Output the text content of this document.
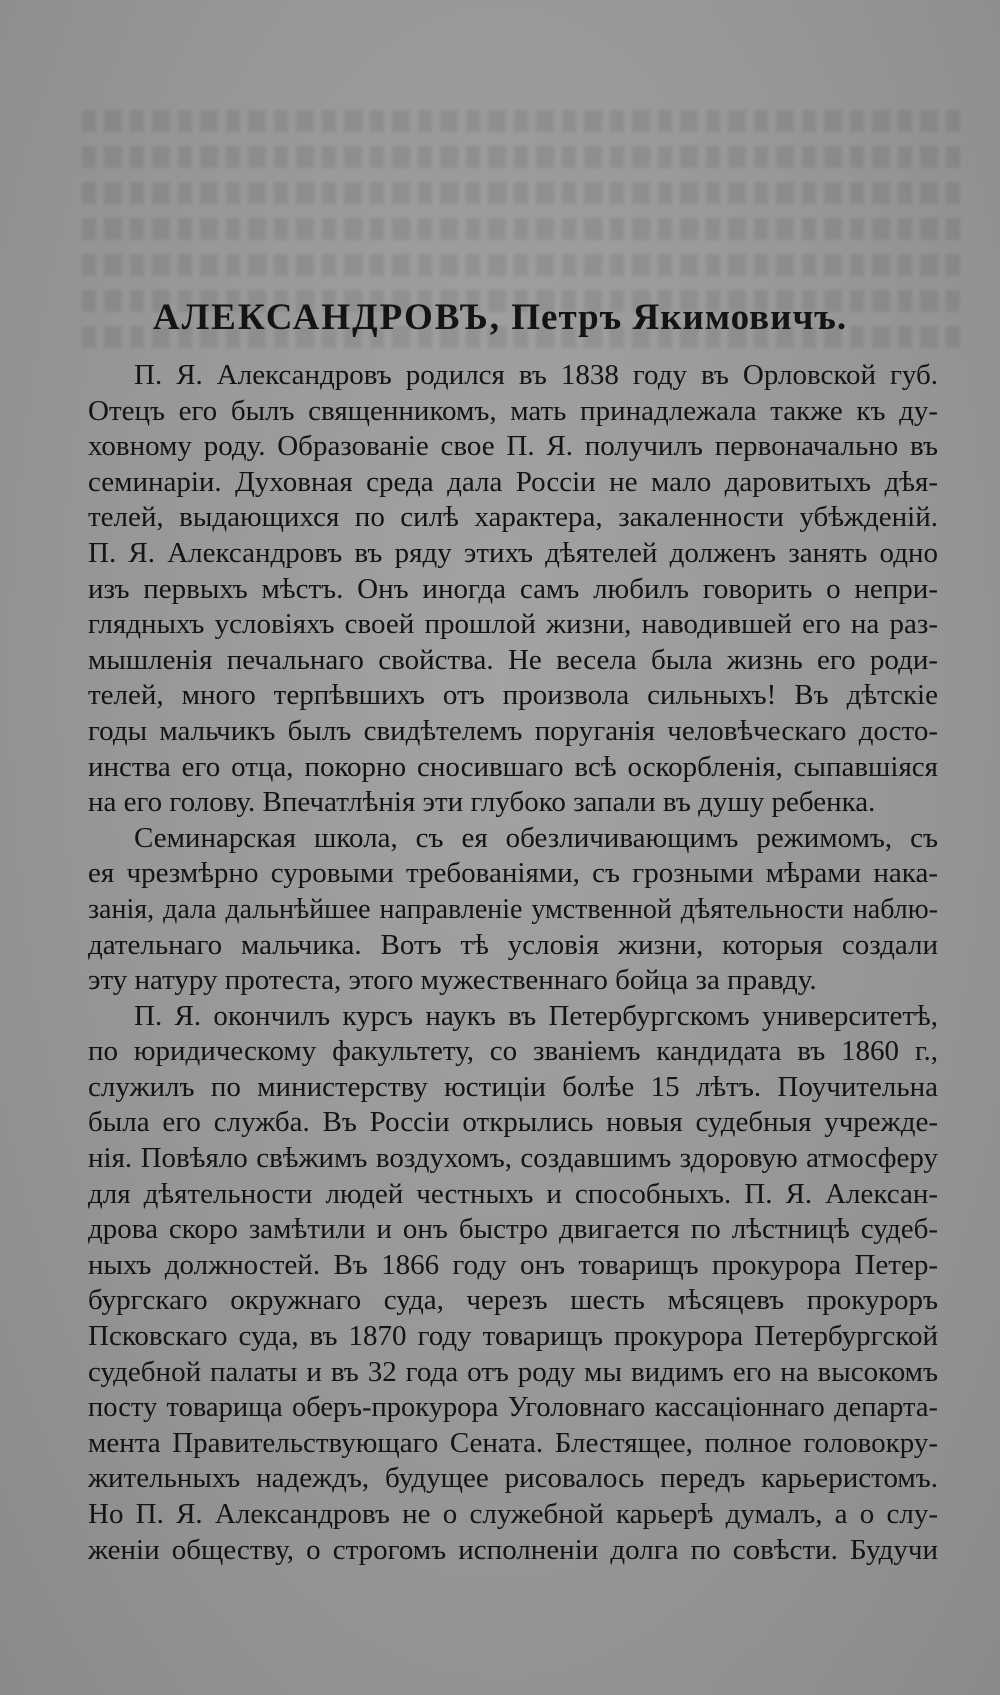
АЛЕКСАНДРОВЪ, Петръ Якимовичъ.
П. Я. Александровъ родился въ 1838 году въ Орловской губ.
Отецъ его былъ священникомъ, мать принадлежала также къ ду-
ховному роду. Образованіе свое П. Я. получилъ первоначально въ
семинаріи. Духовная среда дала Россіи не мало даровитыхъ дѣя-
телей, выдающихся по силѣ характера, закаленности убѣжденій.
П. Я. Александровъ въ ряду этихъ дѣятелей долженъ занять одно
изъ первыхъ мѣстъ. Онъ иногда самъ любилъ говорить о непри-
глядныхъ условіяхъ своей прошлой жизни, наводившей его на раз-
мышленія печальнаго свойства. Не весела была жизнь его роди-
телей, много терпѣвшихъ отъ произвола сильныхъ! Въ дѣтскіе
годы мальчикъ былъ свидѣтелемъ поруганія человѣческаго досто-
инства его отца, покорно сносившаго всѣ оскорбленія, сыпавшіяся
на его голову. Впечатлѣнія эти глубоко запали въ душу ребенка.
Семинарская школа, съ ея обезличивающимъ режимомъ, съ
ея чрезмѣрно суровыми требованіями, съ грозными мѣрами нака-
занія, дала дальнѣйшее направленіе умственной дѣятельности наблю-
дательнаго мальчика. Вотъ тѣ условія жизни, которыя создали
эту натуру протеста, этого мужественнаго бойца за правду.
П. Я. окончилъ курсъ наукъ въ Петербургскомъ университетѣ,
по юридическому факультету, со званіемъ кандидата въ 1860 г.,
служилъ по министерству юстиціи болѣе 15 лѣтъ. Поучительна
была его служба. Въ Россіи открылись новыя судебныя учрежде-
нія. Повѣяло свѣжимъ воздухомъ, создавшимъ здоровую атмосферу
для дѣятельности людей честныхъ и способныхъ. П. Я. Алексан-
дрова скоро замѣтили и онъ быстро двигается по лѣстницѣ судеб-
ныхъ должностей. Въ 1866 году онъ товарищъ прокурора Петер-
бургскаго окружнаго суда, черезъ шесть мѣсяцевъ прокуроръ
Псковскаго суда, въ 1870 году товарищъ прокурора Петербургской
судебной палаты и въ 32 года отъ роду мы видимъ его на высокомъ
посту товарища оберъ-прокурора Уголовнаго кассаціоннаго департа-
мента Правительствующаго Сената. Блестящее, полное головокру-
жительныхъ надеждъ, будущее рисовалось передъ карьеристомъ.
Но П. Я. Александровъ не о служебной карьерѣ думалъ, а о слу-
женіи обществу, о строгомъ исполненіи долга по совѣсти. Будучи
